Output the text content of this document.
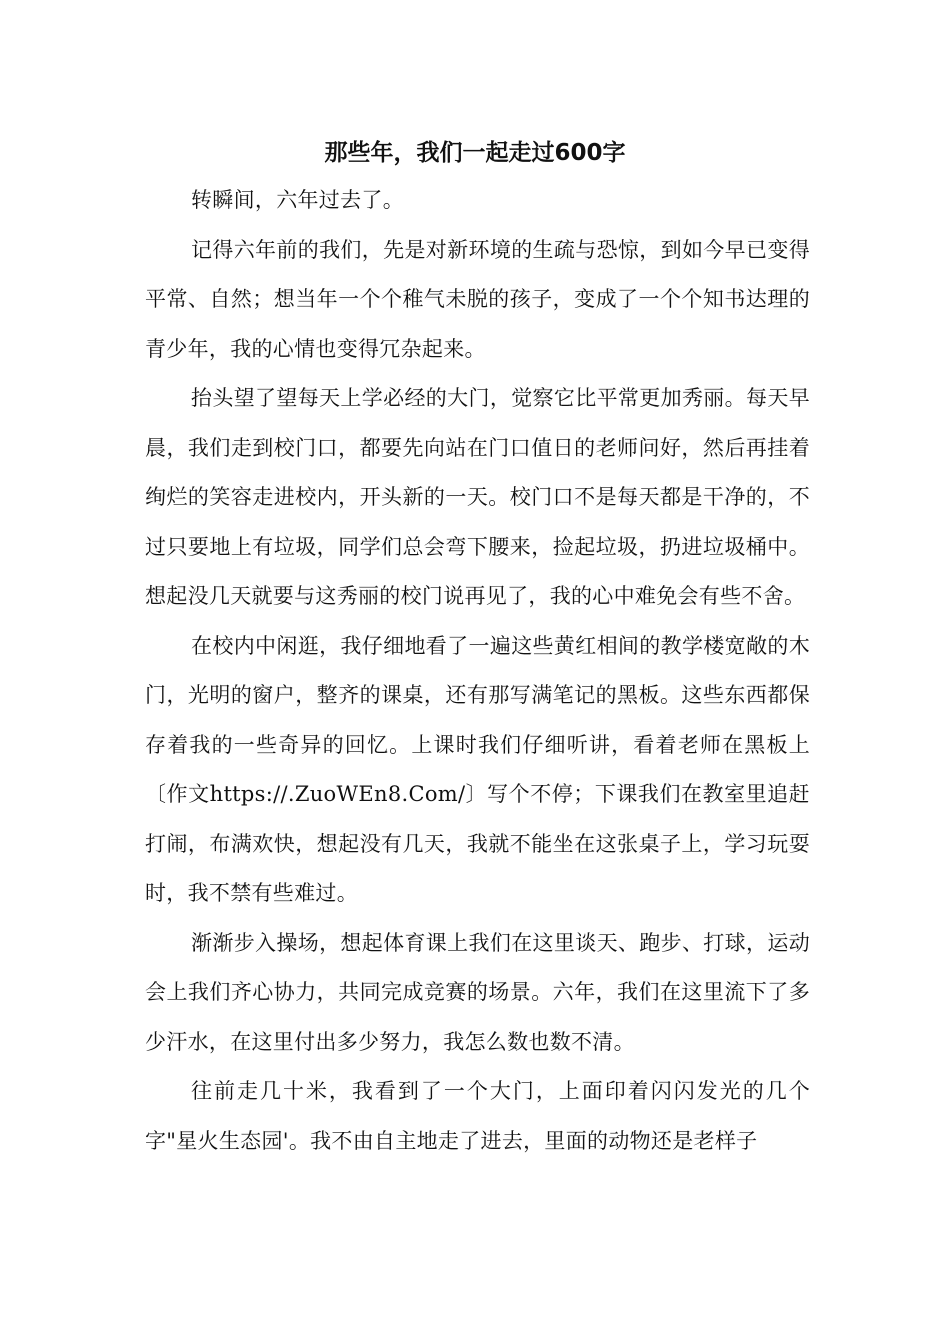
那些年，我们一起走过600字

转瞬间，六年过去了。

记得六年前的我们，先是对新环境的生疏与恐惊，到如今早已变得平常、自然；想当年一个个稚气未脱的孩子，变成了一个个知书达理的青少年，我的心情也变得冗杂起来。

抬头望了望每天上学必经的大门，觉察它比平常更加秀丽。每天早晨，我们走到校门口，都要先向站在门口值日的老师问好，然后再挂着绚烂的笑容走进校内，开头新的一天。校门口不是每天都是干净的，不过只要地上有垃圾，同学们总会弯下腰来，捡起垃圾，扔进垃圾桶中。想起没几天就要与这秀丽的校门说再见了，我的心中难免会有些不舍。

在校内中闲逛，我仔细地看了一遍这些黄红相间的教学楼宽敞的木门，光明的窗户，整齐的课桌，还有那写满笔记的黑板。这些东西都保存着我的一些奇异的回忆。上课时我们仔细听讲，看着老师在黑板上〔作文https://.ZuoWEn8.Com/〕写个不停；下课我们在教室里追赶打闹，布满欢快，想起没有几天，我就不能坐在这张桌子上，学习玩耍时，我不禁有些难过。

渐渐步入操场，想起体育课上我们在这里谈天、跑步、打球，运动会上我们齐心协力，共同完成竞赛的场景。六年，我们在这里流下了多少汗水，在这里付出多少努力，我怎么数也数不清。

往前走几十米，我看到了一个大门，上面印着闪闪发光的几个字"星火生态园'。我不由自主地走了进去，里面的动物还是老样子
